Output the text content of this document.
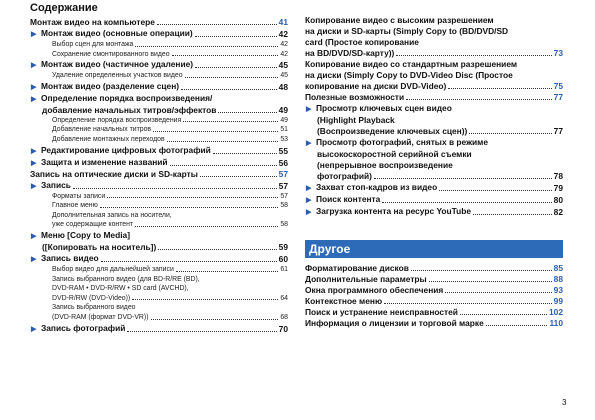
Содержание
Монтаж видео на компьютере	41
▶ Монтаж видео (основные операции)	42
Выбор сцен для монтажа	42
Сохранение смонтированного видео	42
▶ Монтаж видео (частичное удаление)	45
Удаление определенных участков видео	45
▶ Монтаж видео (разделение сцен)	48
▶ Определение порядка воспроизведения/
добавление начальных титров/эффектов	49
Определение порядка воспроизведения	49
Добавление начальных титров	51
Добавление монтажных переходов	53
▶ Редактирование цифровых фотографий	55
▶ Защита и изменение названий	56
Запись на оптические диски и SD-карты	57
▶ Запись	57
Форматы записи	57
Главное меню	58
Дополнительная запись на носители,
уже содержащие контент	58
▶ Меню [Copy to Media]
([Копировать на носитель])	59
▶ Запись видео	60
Выбор видео для дальнейшей записи	61
Запись выбранного видео (для BD-R/RE (BD),
DVD-RAM • DVD-R/RW • SD card (AVCHD),
DVD-R/RW (DVD-Video))	64
Запись выбранного видео
(DVD-RAM (формат DVD-VR))	68
▶ Запись фотографий	70
Копирование видео с высоким разрешением
на диски и SD-карты (Simply Copy to (BD/DVD/SD
card (Простое копирование
на BD/DVD/SD-карту))	73
Копирование видео со стандартным разрешением
на диски (Simply Copy to DVD-Video Disc (Простое
копирование на диски DVD-Video)	75
Полезные возможности	77
▶ Просмотр ключевых сцен видео
(Highlight Playback
(Воспроизведение ключевых сцен))	77
▶ Просмотр фотографий, снятых в режиме
высокоскоростной серийной съемки
(непрерывное воспроизведение
фотографий)	78
▶ Захват стоп-кадров из видео	79
▶ Поиск контента	80
▶ Загрузка контента на ресурс YouTube	82
Другое
Форматирование дисков	85
Дополнительные параметры	88
Окна программного обеспечения	93
Контекстное меню	99
Поиск и устранение неисправностей	102
Информация о лицензии и торговой марке	110
3
